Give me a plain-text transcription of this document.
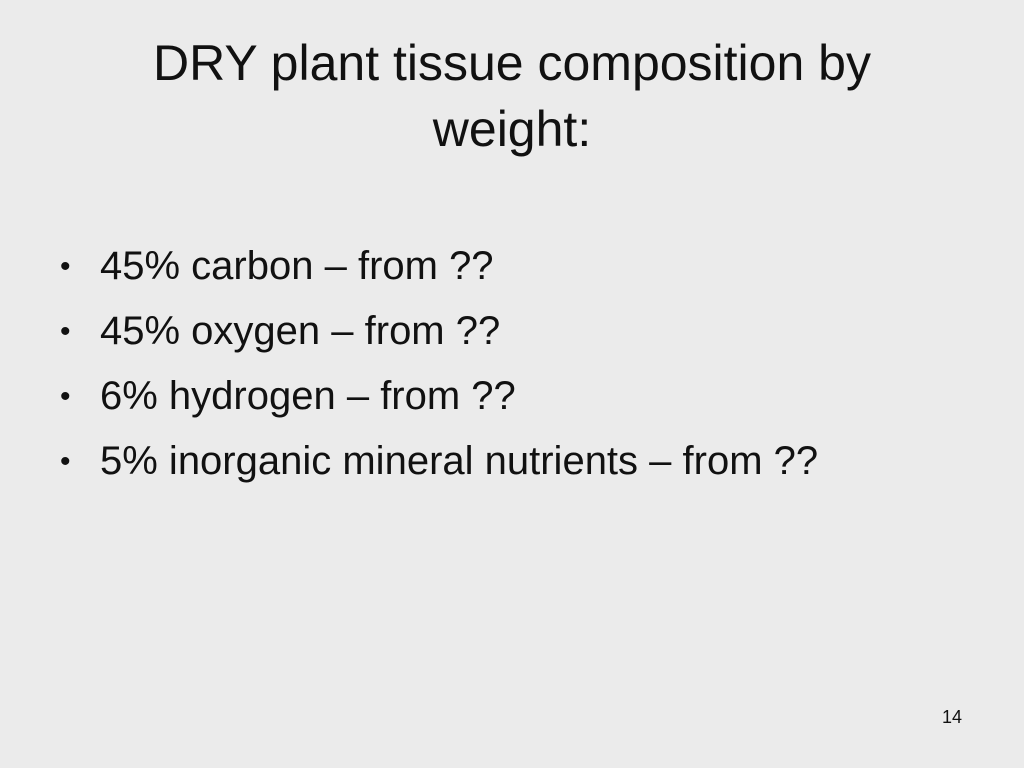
DRY plant tissue composition by
weight:
• 45% carbon – from ??
• 45% oxygen – from ??
• 6% hydrogen – from ??
• 5% inorganic mineral nutrients – from ??
14
